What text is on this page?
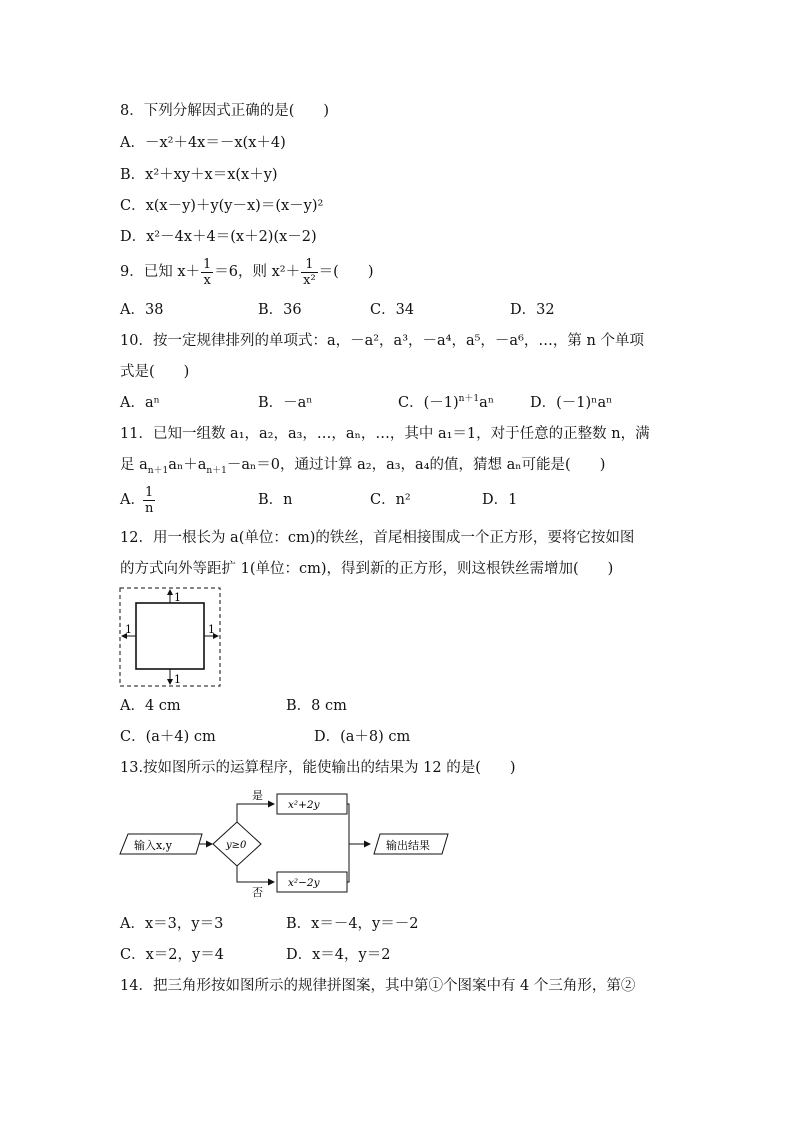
8．下列分解因式正确的是(　　)
A．－x²＋4x＝－x(x＋4)
B．x²＋xy＋x＝x(x＋y)
C．x(x－y)＋y(y－x)＝(x－y)²
D．x²－4x＋4＝(x＋2)(x－2)
9．已知 $x+ \frac{1}{x} =6$，则 $x^2+ \frac{1}{\text{x²}}$ ＝(　　)
A．38	B．36	C．34	D．32
10．按一定规律排列的单项式：a，－a²，a³，－a⁴，a⁵，－a⁶，…，第 n 个单项
式是(　　)
A．aⁿ	B．－aⁿ	C．$(-1)^{n+1}a^n$ D．(－1)ⁿaⁿ
11．已知一组数 a₁，a₂，a₃，…，aₙ，…，其中 a₁＝1，对于任意的正整数 n，满
足 $a_{n+1}a_n+a_{n+1}-a_n=0$，通过计算 a₂，a₃，a₄的值，猜想 aₙ可能是(　　)
A．
$\frac{1}{n}$	B．n	C．n²	D．1
12．用一根长为 a(单位：cm)的铁丝，首尾相接围成一个正方形，要将它按如图
的方式向外等距扩 1(单位：cm)，得到新的正方形，则这根铁丝需增加(　　)
1
1
1	1
A．4 cm	B．8 cm
C．(a＋4) cm	D．(a＋8) cm
13.按如图所示的运算程序，能使输出的结果为 12 的是(　　)
输入x,y	y≥0
是
x²+2y
否
x²−2y
输出结果
A．x＝3，y＝3	B．x＝－4，y＝－2
C．x＝2，y＝4	D．x＝4，y＝2
14．把三角形按如图所示的规律拼图案，其中第①个图案中有 4 个三角形，第②
